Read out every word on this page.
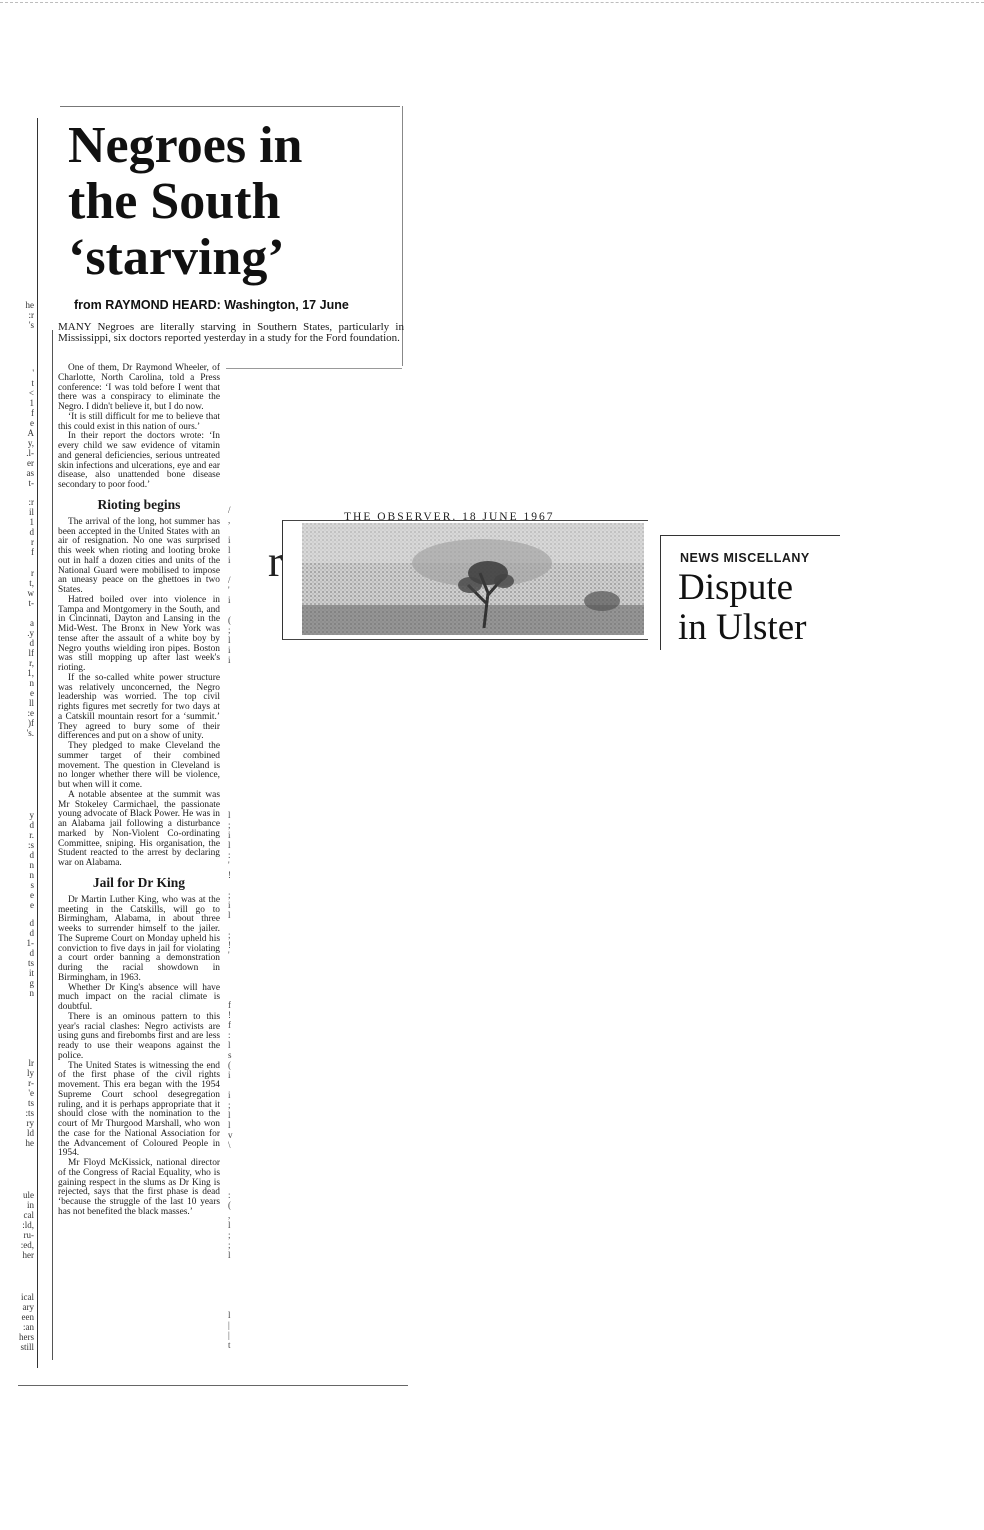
he
:r
's
'
t
<
1
f
e
A
y,
.l-
er
as
t-
:r
il
1
d
r
f
r
t,
w
t-
a
.y
d
lf
r,
1,
n
e
ll
:e
)f
's.
y
d
r.
:s
d
n
n
s
e
e
d
d
1-
d
ts
it
g
n
lr
ly
r-
'e
ts
:ts
ry
ld
he
ule
in
cal
:ld,
ru-
:ed,
her
ical
ary
een
:an
hers
still
Negroes in
the South
‘starving’
from RAYMOND HEARD: Washington, 17 June
MANY Negroes are literally starving in Southern States, particularly in Mississippi, six doctors reported yesterday in a study for the Ford foundation.

One of them, Dr Raymond Wheeler, of Charlotte, North Carolina, told a Press conference: ‘I was told before I went that there was a conspiracy to eliminate the Negro. I didn't believe it, but I do now.

‘It is still difficult for me to believe that this could exist in this nation of ours.’

In their report the doctors wrote: ‘In every child we saw evidence of vitamin and general deficiencies, serious untreated skin infections and ulcerations, eye and ear disease, also unattended bone disease secondary to poor food.’

Rioting begins

The arrival of the long, hot summer has been accepted in the United States with an air of resignation. No one was surprised this week when rioting and looting broke out in half a dozen cities and units of the National Guard were mobilised to impose an uneasy peace on the ghettoes in two States.

Hatred boiled over into violence in Tampa and Montgomery in the South, and in Cincinnati, Dayton and Lansing in the Mid-West. The Bronx in New York was tense after the assault of a white boy by Negro youths wielding iron pipes. Boston was still mopping up after last week's rioting.

If the so-called white power structure was relatively unconcerned, the Negro leadership was worried. The top civil rights figures met secretly for two days at a Catskill mountain resort for a ‘summit.’ They agreed to bury some of their differences and put on a show of unity.

They pledged to make Cleveland the summer target of their combined movement. The question in Cleveland is no longer whether there will be violence, but when will it come.

A notable absentee at the summit was Mr Stokeley Carmichael, the passionate young advocate of Black Power. He was in an Alabama jail following a disturbance marked by Non-Violent Co-ordinating Committee, sniping. His organisation, the Student reacted to the arrest by declaring war on Alabama.

Jail for Dr King

Dr Martin Luther King, who was at the meeting in the Catskills, will go to Birmingham, Alabama, in about three weeks to surrender himself to the jailer. The Supreme Court on Monday upheld his conviction to five days in jail for violating a court order banning a demonstration during the racial showdown in Birmingham, in 1963.

Whether Dr King's absence will have much impact on the racial climate is doubtful.

There is an ominous pattern to this year's racial clashes: Negro activists are using guns and firebombs first and are less ready to use their weapons against the police.

The United States is witnessing the end of the first phase of the civil rights movement. This era began with the 1954 Supreme Court school desegregation ruling, and it is perhaps appropriate that it should close with the nomination to the court of Mr Thurgood Marshall, who won the case for the National Association for the Advancement of Coloured People in 1954.

Mr Floyd McKissick, national director of the Congress of Racial Equality, who is gaining respect in the slums as Dr King is rejected, says that the first phase is dead ‘because the struggle of the last 10 years has not benefited the black masses.’

/
,

i
l
i

/
'
i

(
;
l
i
i
l
;
i
l
:
'
!

;
i
l

;
!
'
f
!
f
:
l
s
(
i

i
;
l
l
v
\
:
(
,
l
;
;
l

l
|
|
t
THE OBSERVER. 18 JUNE 1967
r	NEWS MISCELLANY
Dispute
in Ulster
